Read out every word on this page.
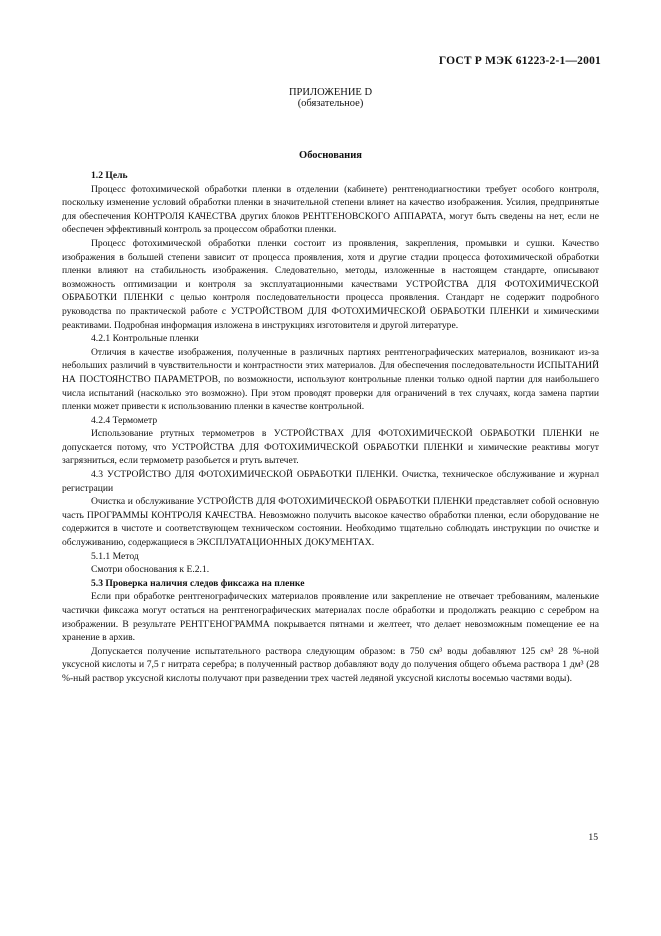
ГОСТ Р МЭК 61223-2-1—2001
ПРИЛОЖЕНИЕ D
(обязательное)
Обоснования

1.2 Цель

Процесс фотохимической обработки пленки в отделении (кабинете) рентгенодиагностики требует особого контроля, поскольку изменение условий обработки пленки в значительной степени влияет на качество изображения. Усилия, предпринятые для обеспечения КОНТРОЛЯ КАЧЕСТВА других блоков РЕНТГЕНОВСКОГО АППАРАТА, могут быть сведены на нет, если не обеспечен эффективный контроль за процессом обработки пленки.

Процесс фотохимической обработки пленки состоит из проявления, закрепления, промывки и сушки. Качество изображения в большей степени зависит от процесса проявления, хотя и другие стадии процесса фотохимической обработки пленки влияют на стабильность изображения. Следовательно, методы, изложенные в настоящем стандарте, описывают возможность оптимизации и контроля за эксплуатационными качествами УСТРОЙСТВА ДЛЯ ФОТОХИМИЧЕСКОЙ ОБРАБОТКИ ПЛЕНКИ с целью контроля последовательности процесса проявления. Стандарт не содержит подробного руководства по практической работе с УСТРОЙСТВОМ ДЛЯ ФОТОХИМИЧЕСКОЙ ОБРАБОТКИ ПЛЕНКИ и химическими реактивами. Подробная информация изложена в инструкциях изготовителя и другой литературе.

4.2.1 Контрольные пленки

Отличия в качестве изображения, полученные в различных партиях рентгенографических материалов, возникают из-за небольших различий в чувствительности и контрастности этих материалов. Для обеспечения последовательности ИСПЫТАНИЙ НА ПОСТОЯНСТВО ПАРАМЕТРОВ, по возможности, используют контрольные пленки только одной партии для наибольшего числа испытаний (насколько это возможно). При этом проводят проверки для ограничений в тех случаях, когда замена партии пленки может привести к использованию пленки в качестве контрольной.

4.2.4 Термометр

Использование ртутных термометров в УСТРОЙСТВАХ ДЛЯ ФОТОХИМИЧЕСКОЙ ОБРАБОТКИ ПЛЕНКИ не допускается потому, что УСТРОЙСТВА ДЛЯ ФОТОХИМИЧЕСКОЙ ОБРАБОТКИ ПЛЕНКИ и химические реактивы могут загрязниться, если термометр разобьется и ртуть вытечет.

4.3 УСТРОЙСТВО ДЛЯ ФОТОХИМИЧЕСКОЙ ОБРАБОТКИ ПЛЕНКИ. Очистка, техническое обслуживание и журнал регистрации

Очистка и обслуживание УСТРОЙСТВ ДЛЯ ФОТОХИМИЧЕСКОЙ ОБРАБОТКИ ПЛЕНКИ представляет собой основную часть ПРОГРАММЫ КОНТРОЛЯ КАЧЕСТВА. Невозможно получить высокое качество обработки пленки, если оборудование не содержится в чистоте и соответствующем техническом состоянии. Необходимо тщательно соблюдать инструкции по очистке и обслуживанию, содержащиеся в ЭКСПЛУАТАЦИОННЫХ ДОКУМЕНТАХ.

5.1.1 Метод

Смотри обоснования к Е.2.1.

5.3 Проверка наличия следов фиксажа на пленке

Если при обработке рентгенографических материалов проявление или закрепление не отвечает требованиям, маленькие частички фиксажа могут остаться на рентгенографических материалах после обработки и продолжать реакцию с серебром на изображении. В результате РЕНТГЕНОГРАММА покрывается пятнами и желтеет, что делает невозможным помещение ее на хранение в архив.

Допускается получение испытательного раствора следующим образом: в 750 см³ воды добавляют 125 см³ 28 %-ной уксусной кислоты и 7,5 г нитрата серебра; в полученный раствор добавляют воду до получения общего объема раствора 1 дм³ (28 %-ный раствор уксусной кислоты получают при разведении трех частей ледяной уксусной кислоты восемью частями воды).

15
